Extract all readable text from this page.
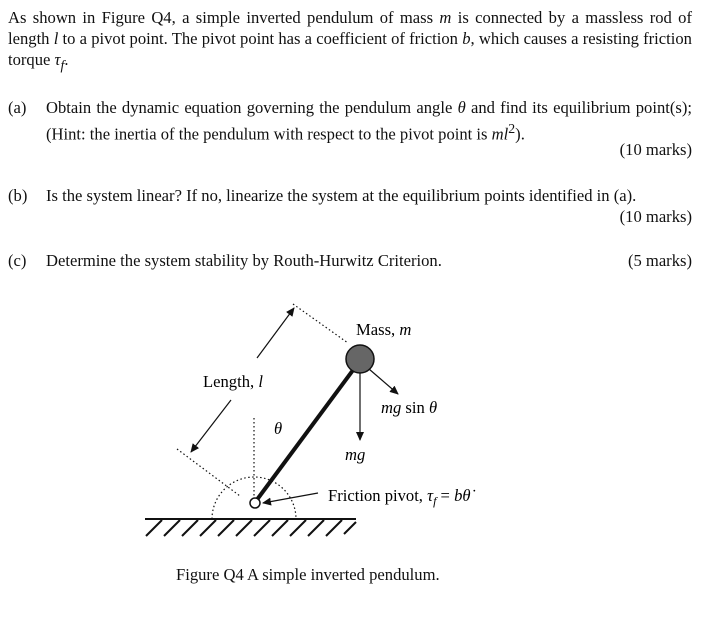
As shown in Figure Q4, a simple inverted pendulum of mass m is connected by a massless rod of length l to a pivot point. The pivot point has a coefficient of friction b, which causes a resisting friction torque $\tau_f$.
(a) Obtain the dynamic equation governing the pendulum angle θ and find its equilibrium point(s); (Hint: the inertia of the pendulum with respect to the pivot point is $ml^2$).
(10 marks)
(b) Is the system linear? If no, linearize the system at the equilibrium points identified in (a).
(10 marks)
(c) Determine the system stability by Routh-Hurwitz Criterion.	(5 marks)
Mass, m
Length, l
θ
mg sin θ
mg
Friction pivot, $\tau_f$ = bθ̇
Figure Q4 A simple inverted pendulum.
